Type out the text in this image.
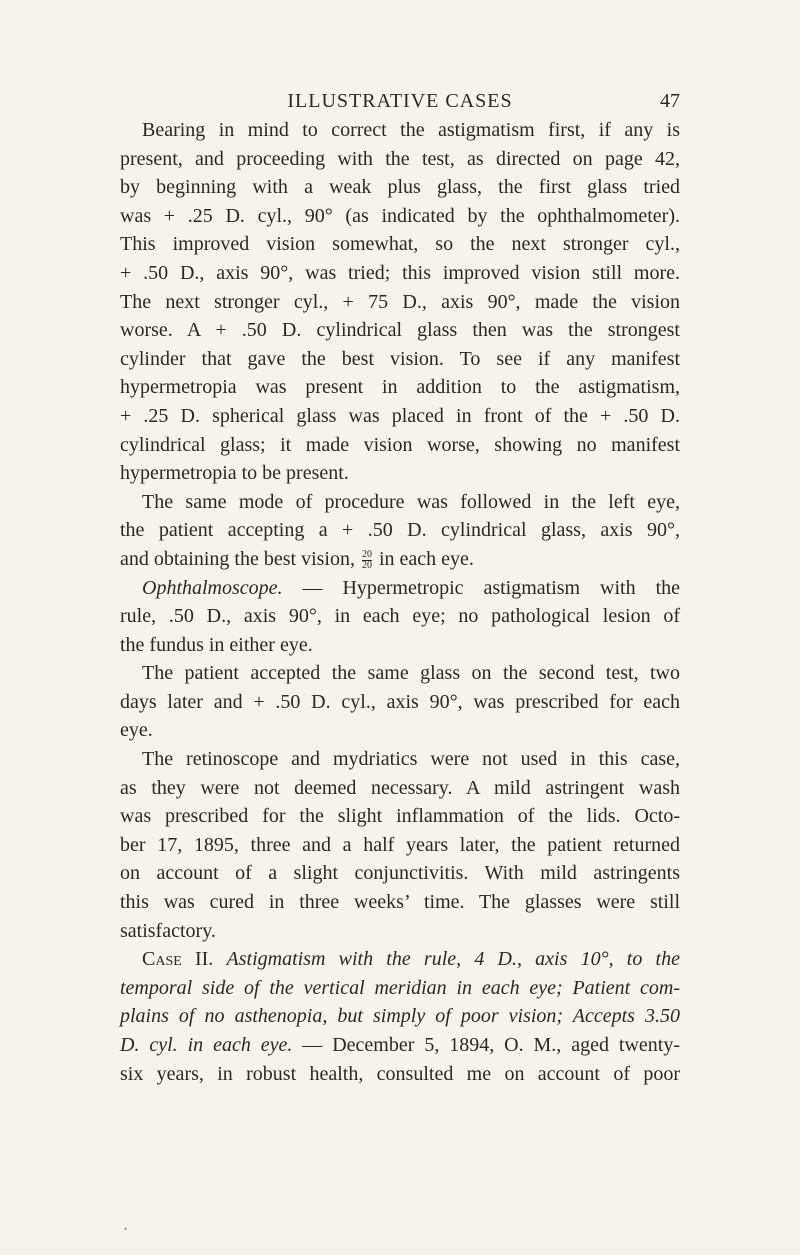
ILLUSTRATIVE CASES	47
Bearing in mind to correct the astigmatism first, if any is
present, and proceeding with the test, as directed on page 42,
by beginning with a weak plus glass, the first glass tried
was + .25 D. cyl., 90° (as indicated by the ophthalmometer).
This improved vision somewhat, so the next stronger cyl.,
+ .50 D., axis 90°, was tried; this improved vision still more.
The next stronger cyl., + 75 D., axis 90°, made the vision
worse. A + .50 D. cylindrical glass then was the strongest
cylinder that gave the best vision. To see if any manifest
hypermetropia was present in addition to the astigmatism,
+ .25 D. spherical glass was placed in front of the + .50 D.
cylindrical glass; it made vision worse, showing no manifest
hypermetropia to be present.
The same mode of procedure was followed in the left eye,
the patient accepting a + .50 D. cylindrical glass, axis 90°,
and obtaining the best vision, $\frac{20}{20}$ in each eye.
Ophthalmoscope. — Hypermetropic astigmatism with the
rule, .50 D., axis 90°, in each eye; no pathological lesion of
the fundus in either eye.
The patient accepted the same glass on the second test, two
days later and + .50 D. cyl., axis 90°, was prescribed for each
eye.
The retinoscope and mydriatics were not used in this case,
as they were not deemed necessary. A mild astringent wash
was prescribed for the slight inflammation of the lids. Octo-
ber 17, 1895, three and a half years later, the patient returned
on account of a slight conjunctivitis. With mild astringents
this was cured in three weeks’ time. The glasses were still
satisfactory.
Case II. Astigmatism with the rule, 4 D., axis 10°, to the
temporal side of the vertical meridian in each eye; Patient com-
plains of no asthenopia, but simply of poor vision; Accepts 3.50
D. cyl. in each eye. — December 5, 1894, O. M., aged twenty-
six years, in robust health, consulted me on account of poor
•
